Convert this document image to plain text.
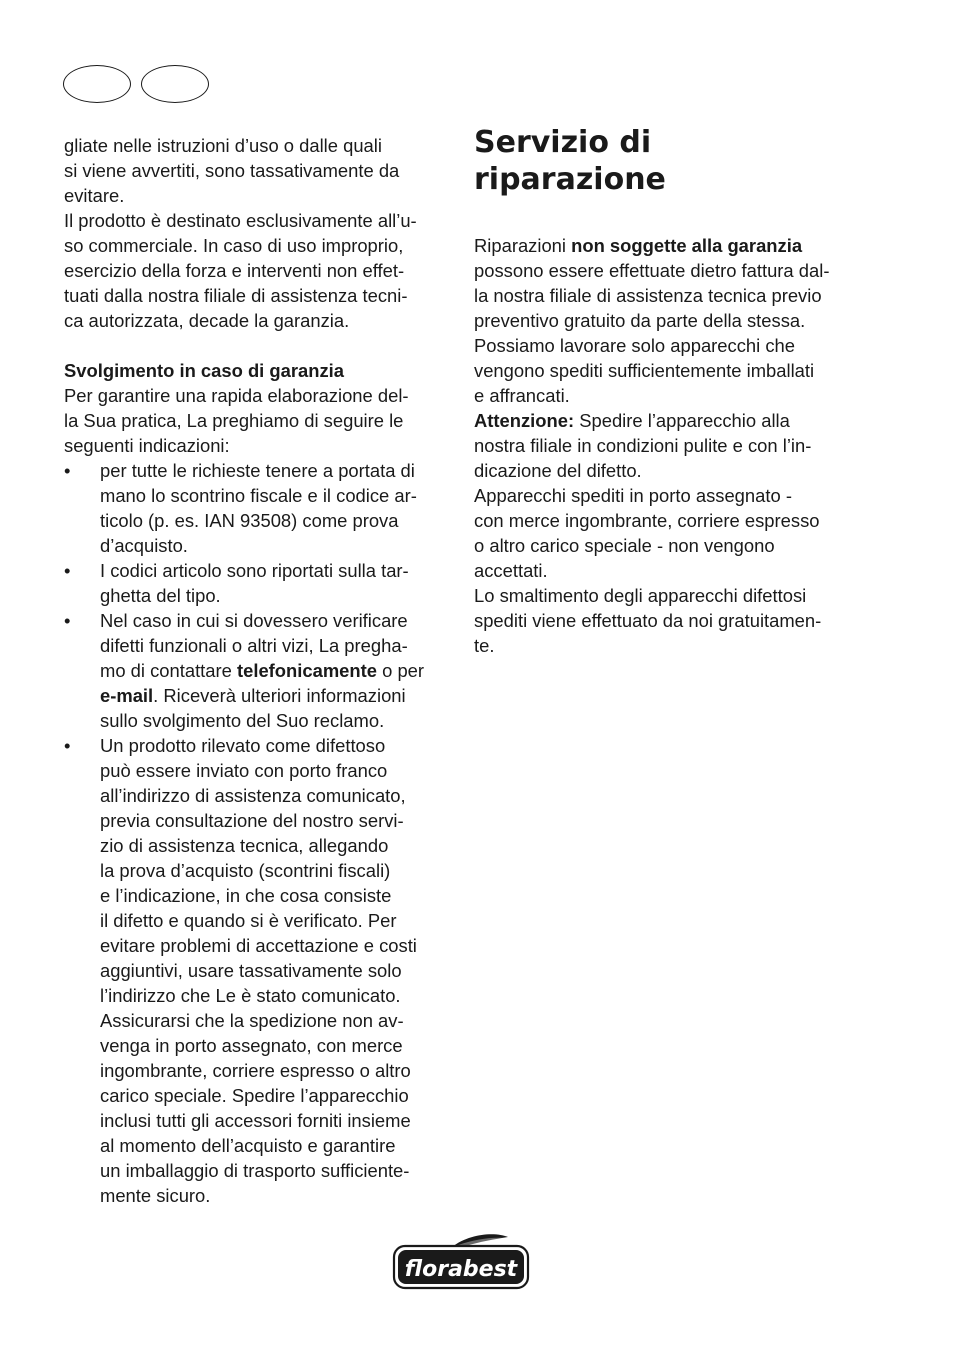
gliate nelle istruzioni d’uso o dalle quali

si viene avvertiti, sono tassativamente da

evitare.

Il prodotto è destinato esclusivamente all’u-

so commerciale. In caso di uso improprio,

esercizio della forza e interventi non effet-

tuati dalla nostra filiale di assistenza tecni-

ca autorizzata, decade la garanzia.

Svolgimento in caso di garanzia

Per garantire una rapida elaborazione del-

la Sua pratica, La preghiamo di seguire le

seguenti indicazioni:

• per tutte le richieste tenere a portata di

mano lo scontrino fiscale e il codice ar-

ticolo (p. es. IAN 93508) come prova

d’acquisto.

• I codici articolo sono riportati sulla tar-

ghetta del tipo.

• Nel caso in cui si dovessero verificare

difetti funzionali o altri vizi, La pregha-

mo di contattare telefonicamente o per

e-mail. Riceverà ulteriori informazioni

sullo svolgimento del Suo reclamo.

• Un prodotto rilevato come difettoso

può essere inviato con porto franco

all’indirizzo di assistenza comunicato,

previa consultazione del nostro servi-

zio di assistenza tecnica, allegando

la prova d’acquisto (scontrini fiscali)

e l’indicazione, in che cosa consiste

il difetto e quando si è verificato. Per

evitare problemi di accettazione e costi

aggiuntivi, usare tassativamente solo

l’indirizzo che Le è stato comunicato.

Assicurarsi che la spedizione non av-

venga in porto assegnato, con merce

ingombrante, corriere espresso o altro

carico speciale. Spedire l’apparecchio

inclusi tutti gli accessori forniti insieme

al momento dell’acquisto e garantire

un imballaggio di trasporto sufficiente-

mente sicuro.

Servizio di
riparazione

Riparazioni non soggette alla garanzia

possono essere effettuate dietro fattura dal-

la nostra filiale di assistenza tecnica previo

preventivo gratuito da parte della stessa.

Possiamo lavorare solo apparecchi che

vengono spediti sufficientemente imballati

e affrancati.

Attenzione: Spedire l’apparecchio alla

nostra filiale in condizioni pulite e con l’in-

dicazione del difetto.

Apparecchi spediti in porto assegnato -

con merce ingombrante, corriere espresso

o altro carico speciale - non vengono

accettati.

Lo smaltimento degli apparecchi difettosi

spediti viene effettuato da noi gratuitamen-

te.

florabest
